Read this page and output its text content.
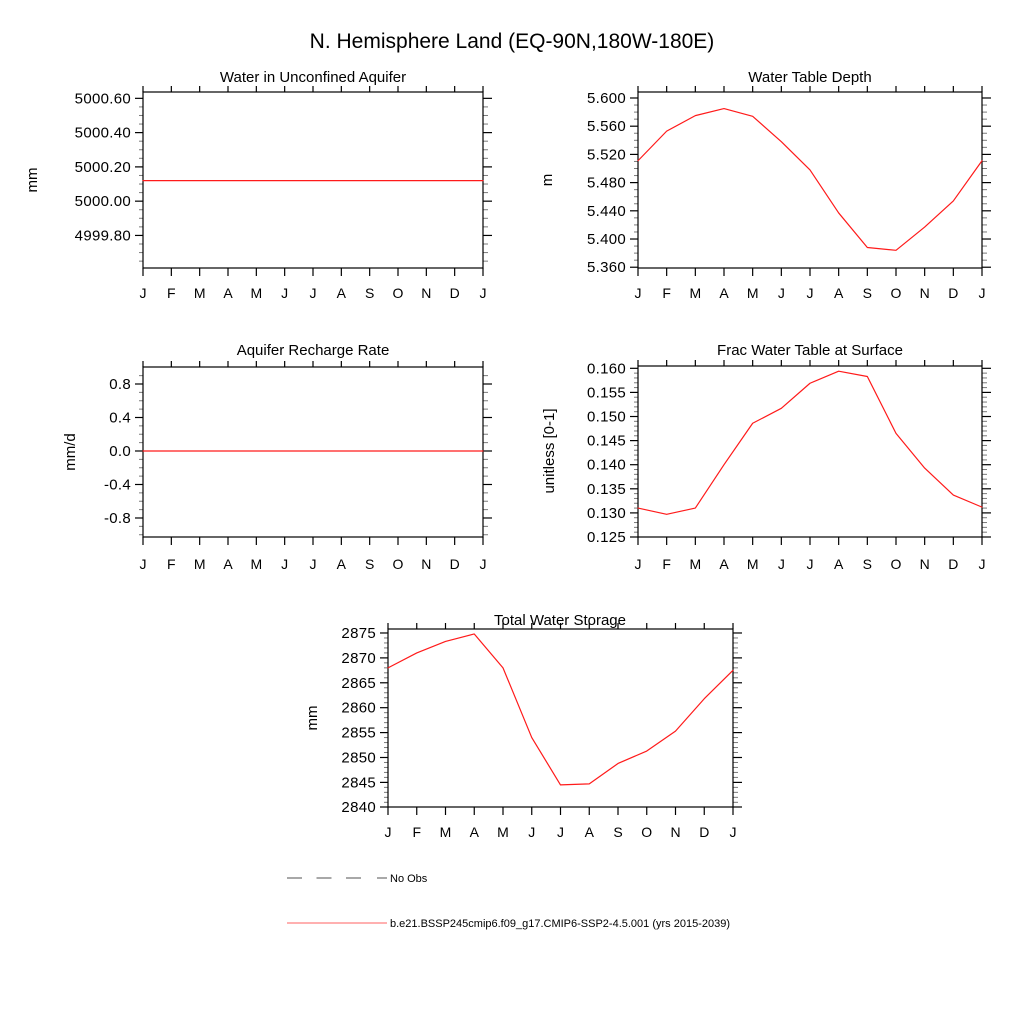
N. Hemisphere Land (EQ-90N,180W-180E)
Water in Unconfined Aquifer
mm
5000.60
5000.40
5000.20
5000.00
4999.80
J F M A M J J A S O N D J
Water Table Depth
m
5.600
5.560
5.520
5.480
5.440
5.400
5.360
J F M A M J J A S O N D J
Aquifer Recharge Rate
mm/d
0.8
0.4
0.0
-0.4
-0.8
J F M A M J J A S O N D J
Frac Water Table at Surface
unitless [0-1]
0.160
0.155
0.150
0.145
0.140
0.135
0.130
0.125
J F M A M J J A S O N D J
Total Water Storage
mm
2875
2870
2865
2860
2855
2850
2845
2840
J F M A M J J A S O N D J
No Obs
b.e21.BSSP245cmip6.f09_g17.CMIP6-SSP2-4.5.001 (yrs 2015-2039)
